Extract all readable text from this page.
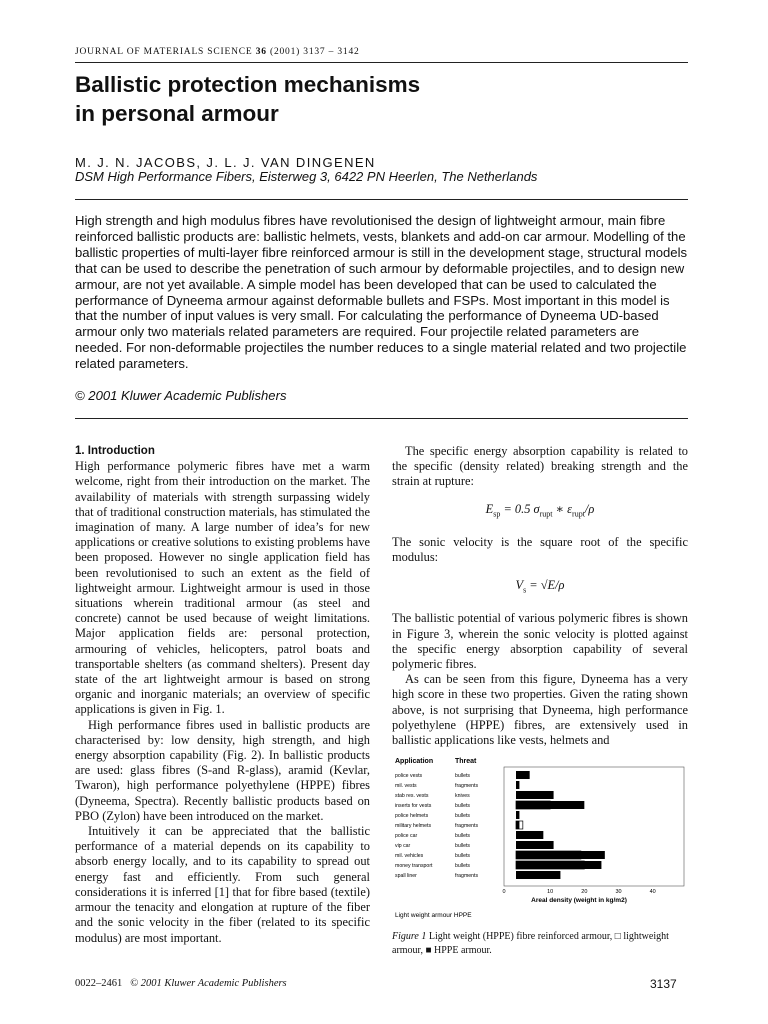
JOURNAL OF MATERIALS SCIENCE 36 (2001) 3137 – 3142
Ballistic protection mechanisms
in personal armour
M. J. N. JACOBS, J. L. J. VAN DINGENEN
DSM High Performance Fibers, Eisterweg 3, 6422 PN Heerlen, The Netherlands
High strength and high modulus fibres have revolutionised the design of lightweight armour, main fibre reinforced ballistic products are: ballistic helmets, vests, blankets and add-on car armour. Modelling of the ballistic properties of multi-layer fibre reinforced armour is still in the development stage, structural models that can be used to describe the penetration of such armour by deformable projectiles, and to design new armour, are not yet available. A simple model has been developed that can be used to calculated the performance of Dyneema armour against deformable bullets and FSPs. Most important in this model is that the number of input values is very small. For calculating the performance of Dyneema UD-based armour only two materials related parameters are required. Four projectile related parameters are needed. For non-deformable projectiles the number reduces to a single material related and two projectile related parameters.
© 2001 Kluwer Academic Publishers
1. Introduction

High performance polymeric fibres have met a warm welcome, right from their introduction on the market. The availability of materials with strength surpassing widely that of traditional construction materials, has stimulated the imagination of many. A large number of idea’s for new applications or creative solutions to existing problems have been proposed. However no single application field has been revolutionised to such an extent as the field of lightweight armour. Lightweight armour is used in those situations wherein traditional armour (as steel and concrete) cannot be used because of weight limitations. Major application fields are: personal protection, armouring of vehicles, helicopters, patrol boats and transportable shelters (as command shelters). Present day state of the art lightweight armour is based on strong organic and inorganic materials; an overview of specific applications is given in Fig. 1.

High performance fibres used in ballistic products are characterised by: low density, high strength, and high energy absorption capability (Fig. 2). In ballistic products are used: glass fibres (S-and R-glass), aramid (Kevlar, Twaron), high performance polyethylene (HPPE) fibres (Dyneema, Spectra). Recently ballistic products based on PBO (Zylon) have been introduced on the market.

Intuitively it can be appreciated that the ballistic performance of a material depends on its capability to absorb energy locally, and to its capability to spread out energy fast and efficiently. From such general considerations it is inferred [1] that for fibre based (textile) armour the tenacity and elongation at rupture of the fiber and the sonic velocity in the fiber (related to its specific modulus) are most important.

The specific energy absorption capability is related to the specific (density related) breaking strength and the strain at rupture:

$E_{sp} = 0.5$ $\sigma_{rupt}$ ∗ $\varepsilon_{rupt}/\rho$

The sonic velocity is the square root of the specific modulus:

$V_s = √E/\rho$

The ballistic potential of various polymeric fibres is shown in Figure 3, wherein the sonic velocity is plotted against the specific energy absorption capability of several polymeric fibres.

As can be seen from this figure, Dyneema has a very high score in these two properties. Given the rating shown above, is not surprising that Dyneema, high performance polyethylene (HPPE) fibres, are extensively used in ballistic applications like vests, helmets and

Application	Threat
police vests	bullets
mil. vests	fragments
stab res. vests	knives
inserts for vests	bullets
police helmets	bullets
military helmets	fragments
police car	bullets
vip car	bullets
mil. vehicles	bullets
money transport	bullets
spall liner	fragments
0	10	20	30	40
Areal density (weight in kg/m2)
Light weight armour HPPE
Figure 1 Light weight (HPPE) fibre reinforced armour, □ lightweight armour, ■ HPPE armour.
0022–2461 © 2001 Kluwer Academic Publishers	3137
